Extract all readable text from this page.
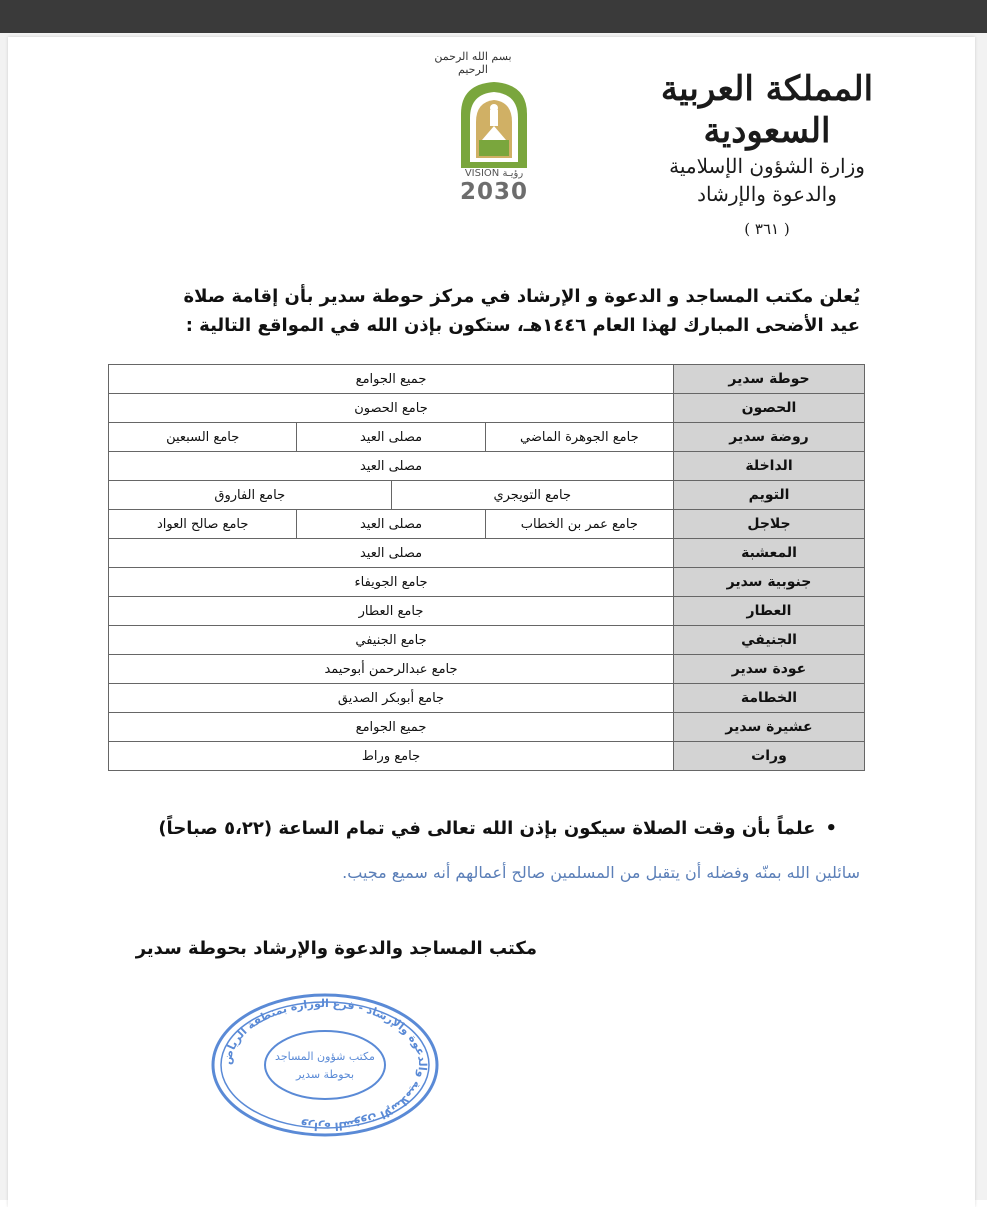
بسم الله الرحمن الرحيم
VISION رؤيـة
2030
المملكة العربية السعودية
وزارة الشؤون الإسلامية والدعوة والإرشاد
( ٣٦١ )
يُعلن مكتب المساجد و الدعوة و الإرشاد في مركز حوطة سدير بأن إقامة صلاة عيد الأضحى المبارك لهذا العام ١٤٤٦هـ، ستكون بإذن الله في المواقع التالية :
حوطة سدير	جميع الجوامع

الحصون	جامع الحصون

روضة سدير	جامع الجوهرة الماضي
مصلى العيد
جامع السبعين

الداخلة	مصلى العيد

التويم	جامع التويجري
جامع الفاروق

جلاجل	جامع عمر بن الخطاب
مصلى العيد
جامع صالح العواد

المعشبة	مصلى العيد

جنوبية سدير	جامع الجويفاء

العطار	جامع العطار

الجنيفي	جامع الجنيفي

عودة سدير	جامع عبدالرحمن أبوحيمد

الخطامة	جامع أبوبكر الصديق

عشيرة سدير	جميع الجوامع

ورات	جامع وراط
•علماً بأن وقت الصلاة سيكون بإذن الله تعالى في تمام الساعة (٥،٢٢ صباحاً)
سائلين الله بمنّه وفضله أن يتقبل من المسلمين صالح أعمالهم أنه سميع مجيب.
مكتب المساجد والدعوة والإرشاد بحوطة سدير
وزارة الشؤون الإسلامية والدعوة والإرشاد - فرع الوزارة بمنطقة الرياض
مكتب شؤون المساجد
بحوطة سدير
